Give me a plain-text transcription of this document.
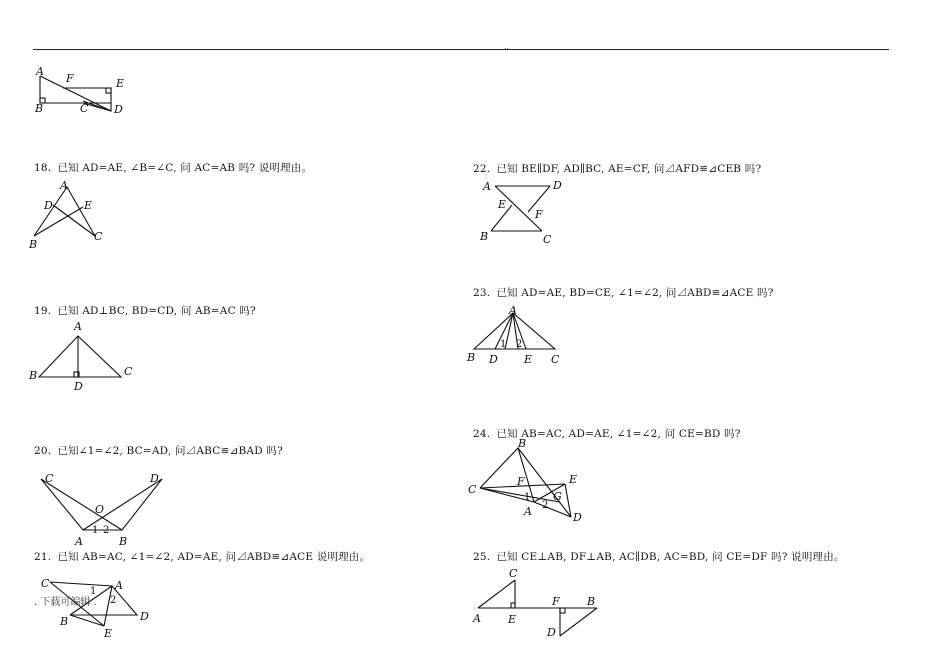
..
A
F	E
B	C D
18. 已知 AD=AE, ∠B=∠C, 问 AC=AB 吗? 说明理由。
A
D	E
B
C
19. 已知 AD⊥BC, BD=CD, 问 AB=AC 吗?
A
B	C
D
20. 已知∠1=∠2, BC=AD, 问⊿ABC≌⊿BAD 吗?
C	D
O
1 2
A	B
21. 已知 AB=AC, ∠1=∠2, AD=AE, 问⊿ABD≌⊿ACE 说明理由。
C	A
1
2
B	D
E
22. 已知 BE∥DF, AD∥BC, AE=CF, 问⊿AFD≌⊿CEB 吗?
A	D
E
F
B	C
23. 已知 AD=AE, BD=CE, ∠1=∠2, 问⊿ABD≌⊿ACE 吗?
A
1 2
B D E C
24. 已知 AB=AC, AD=AE, ∠1=∠2, 问 CE=BD 吗?
B
E
F
G
C
1
2
A	D
25. 已知 CE⊥AB, DF⊥AB, AC∥DB, AC=BD, 问 CE=DF 吗? 说明理由。
C
F B
A E
D
. 下载可编辑 .
